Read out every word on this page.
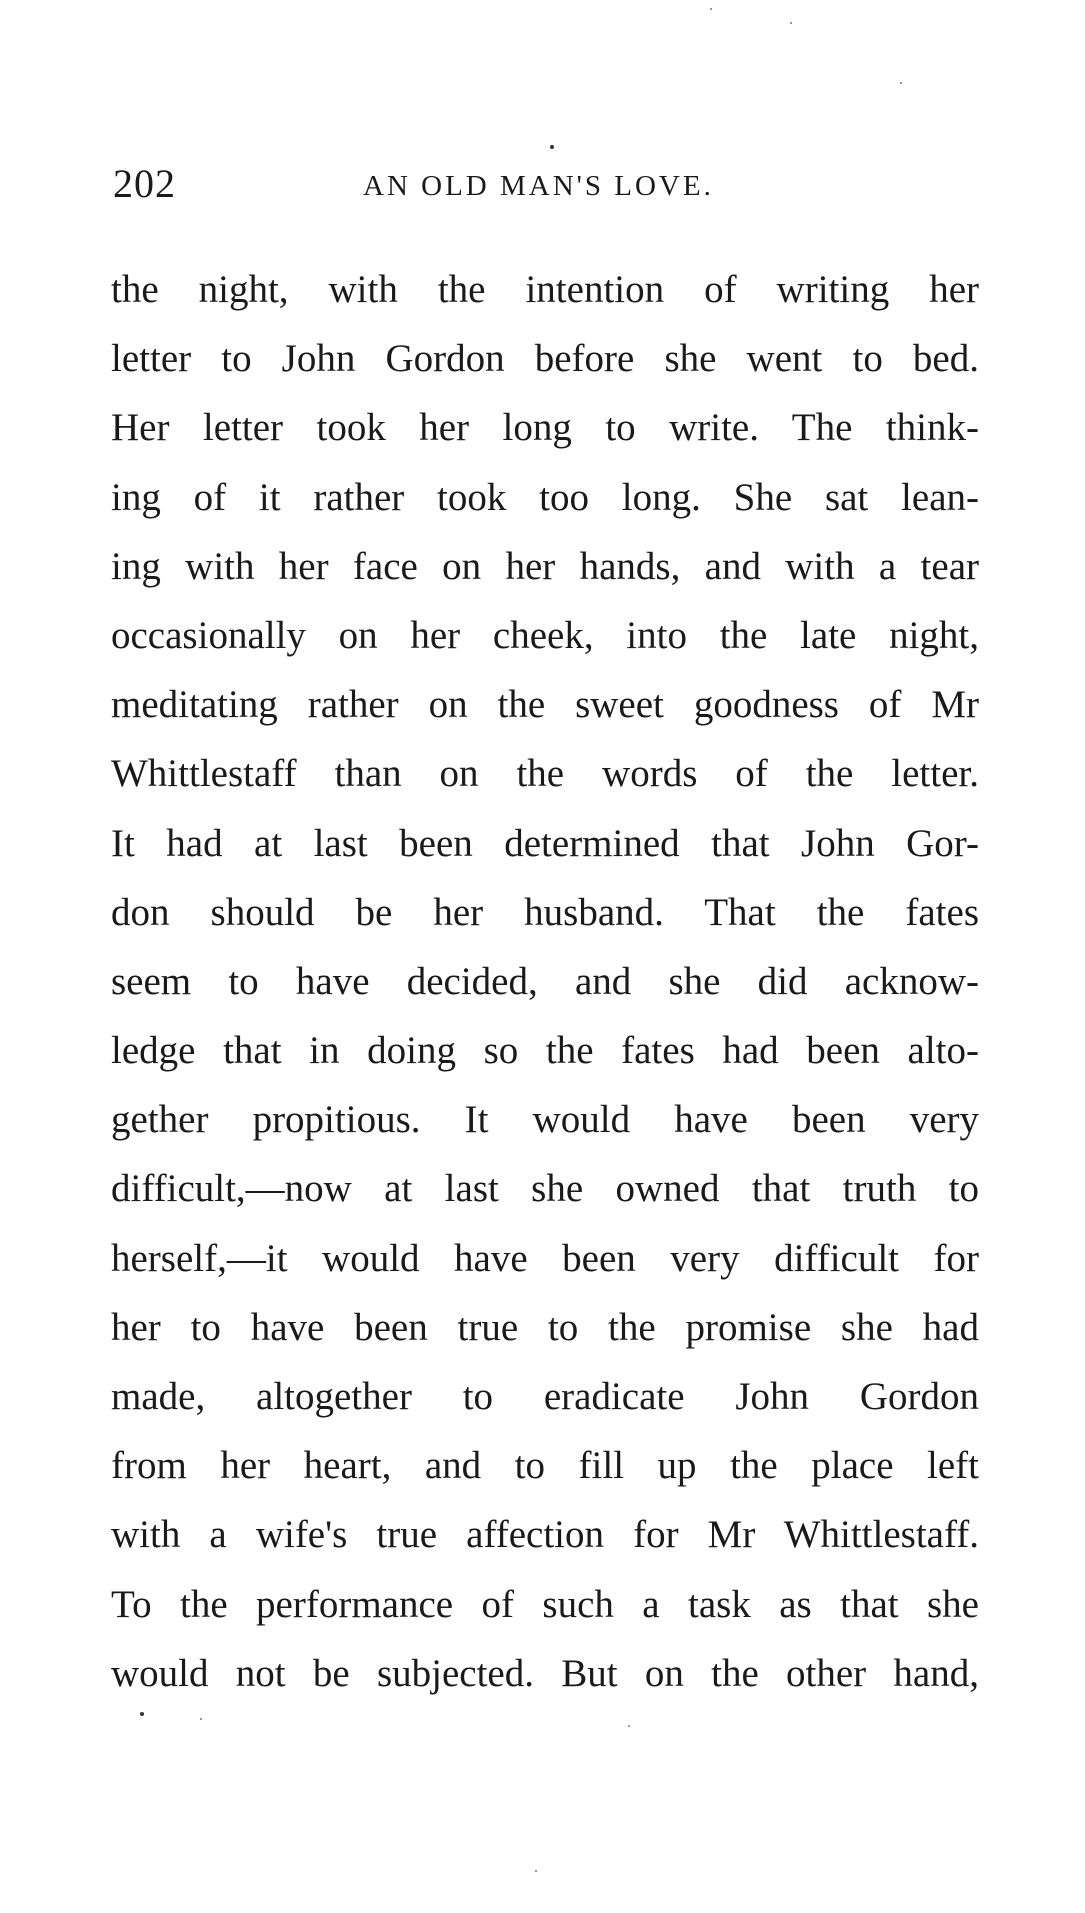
202	AN OLD MAN'S LOVE.
the night, with the intention of writing her
letter to John Gordon before she went to bed.
Her letter took her long to write. The think-
ing of it rather took too long. She sat lean-
ing with her face on her hands, and with a tear
occasionally on her cheek, into the late night,
meditating rather on the sweet goodness of Mr
Whittlestaff than on the words of the letter.
It had at last been determined that John Gor-
don should be her husband. That the fates
seem to have decided, and she did acknow-
ledge that in doing so the fates had been alto-
gether propitious. It would have been very
difficult,—now at last she owned that truth to
herself,—it would have been very difficult for
her to have been true to the promise she had
made, altogether to eradicate John Gordon
from her heart, and to fill up the place left
with a wife's true affection for Mr Whittlestaff.
To the performance of such a task as that she
would not be subjected. But on the other hand,
